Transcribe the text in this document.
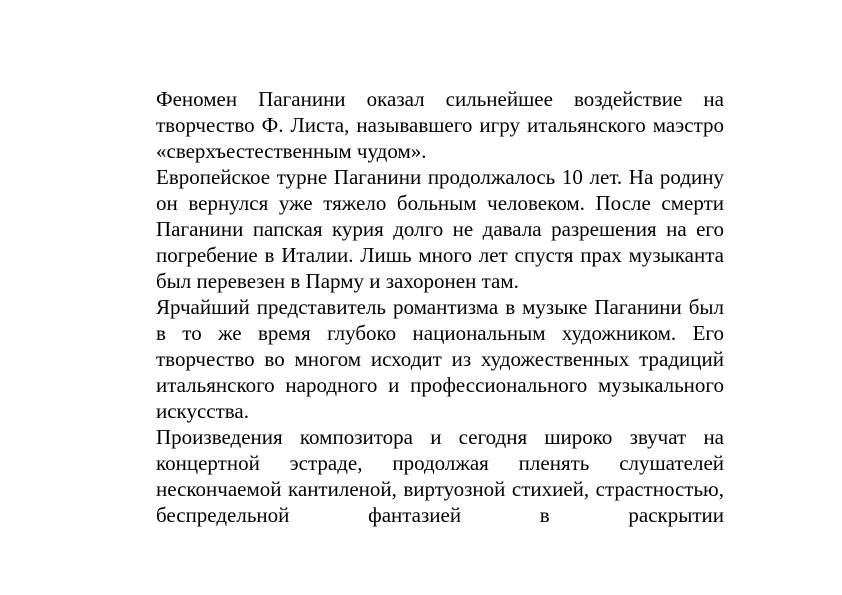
Феномен Паганини оказал сильнейшее воздействие на творчество Ф. Листа, называвшего игру итальянского маэстро «сверхъестественным чудом».

Европейское турне Паганини продолжалось 10 лет. На родину он вернулся уже тяжело больным человеком. После смерти Паганини папская курия долго не давала разрешения на его погребение в Италии. Лишь много лет спустя прах музыканта был перевезен в Парму и захоронен там.

Ярчайший представитель романтизма в музыке Паганини был в то же время глубоко национальным художником. Его творчество во многом исходит из художественных традиций итальянского народного и профессионального музыкального искусства.

Произведения композитора и сегодня широко звучат на концертной эстраде, продолжая пленять слушателей нескончаемой кантиленой, виртуозной стихией, страстностью, беспредельной фантазией в раскрытии
